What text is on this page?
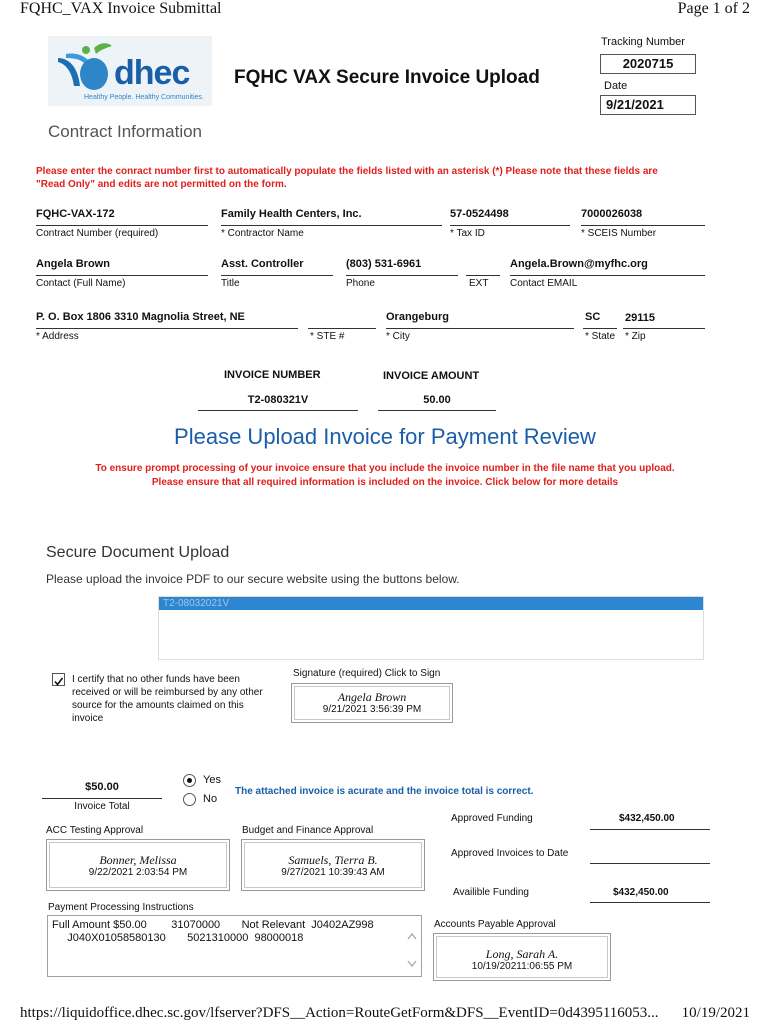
FQHC_VAX Invoice Submittal	Page 1 of 2
dhec
Healthy People. Healthy Communities.
FQHC VAX Secure Invoice Upload
Tracking Number
2020715
Date
9/21/2021
Contract Information
Please enter the conract number first to automatically populate the fields listed with an asterisk (*) Please note that these fields are "Read Only" and edits are not permitted on the form.
FQHC-VAX-172
Contract Number (required)
Family Health Centers, Inc.
* Contractor Name
57-0524498
* Tax ID
7000026038
* SCEIS Number
Angela Brown
Contact (Full Name)
Asst. Controller
Title
(803) 531-6961
Phone	EXT
Angela.Brown@myfhc.org
Contact EMAIL
P. O. Box 1806 3310 Magnolia Street, NE
* Address	* STE #
Orangeburg
* City
SC
* State
29115
* Zip
INVOICE NUMBER
T2-080321V
INVOICE AMOUNT
50.00
Please Upload Invoice for Payment Review
To ensure prompt processing of your invoice ensure that you include the invoice number in the file name that you upload.
Please ensure that all required information is included on the invoice. Click below for more details
Secure Document Upload
Please upload the invoice PDF to our secure website using the buttons below.
T2-08032021V
I certify that no other funds have been received or will be reimbursed by any other source for the amounts claimed on this invoice
Signature (required) Click to Sign
Angela Brown
9/21/2021 3:56:39 PM
$50.00
Invoice Total
Yes
No
The attached invoice is acurate and the invoice total is correct.
ACC Testing Approval
Bonner, Melissa
9/22/2021 2:03:54 PM
Budget and Finance Approval
Samuels, Tierra B.
9/27/2021 10:39:43 AM
Approved Funding	$432,450.00
Approved Invoices to Date
Availible Funding	$432,450.00
Payment Processing Instructions
Full Amount $50.00        31070000       Not Relevant  J0402AZ998
J040X01058580130       5021310000  98000018
Accounts Payable Approval
Long, Sarah A.
10/19/20211:06:55 PM
https://liquidoffice.dhec.sc.gov/lfserver?DFS__Action=RouteGetForm&DFS__EventID=0d4395116053... 10/19/2021
